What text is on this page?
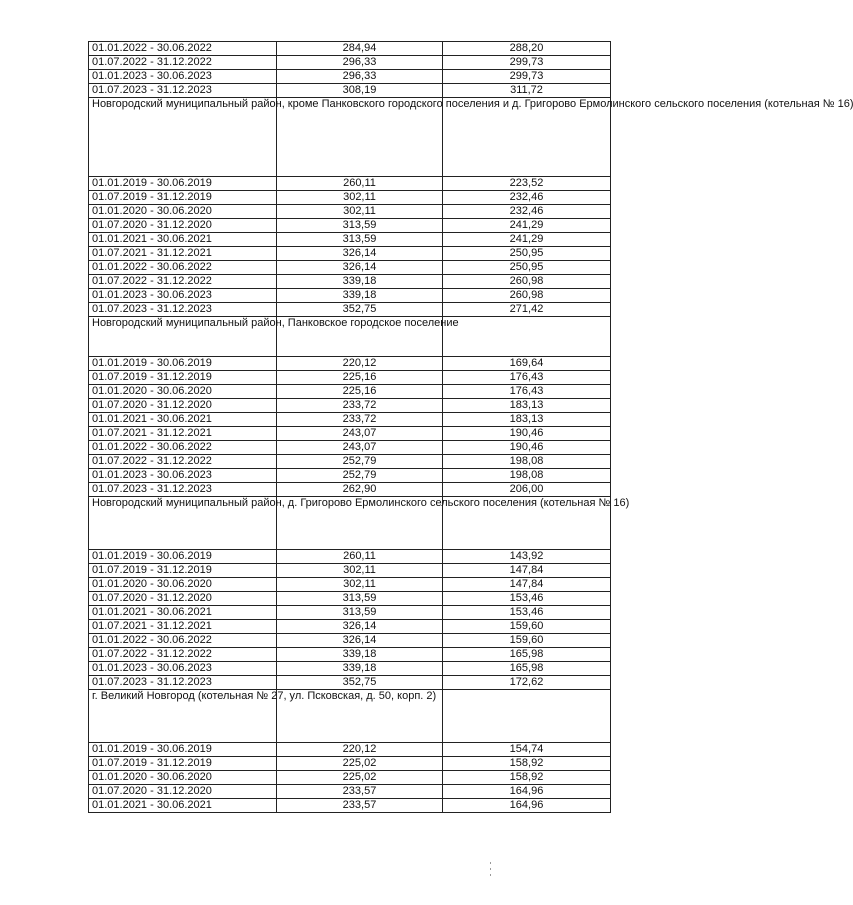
01.01.2022 - 30.06.2022	284,94	288,20
01.07.2022 - 31.12.2022	296,33	299,73
01.01.2023 - 30.06.2023	296,33	299,73
01.07.2023 - 31.12.2023	308,19	311,72
Новгородский муниципальный район, кроме Панковского городского поселения и д. Григорово Ермолинского сельского поселения (котельная № 16)		
01.01.2019 - 30.06.2019	260,11	223,52
01.07.2019 - 31.12.2019	302,11	232,46
01.01.2020 - 30.06.2020	302,11	232,46
01.07.2020 - 31.12.2020	313,59	241,29
01.01.2021 - 30.06.2021	313,59	241,29
01.07.2021 - 31.12.2021	326,14	250,95
01.01.2022 - 30.06.2022	326,14	250,95
01.07.2022 - 31.12.2022	339,18	260,98
01.01.2023 - 30.06.2023	339,18	260,98
01.07.2023 - 31.12.2023	352,75	271,42
Новгородский муниципальный район, Панковское городское поселение		
01.01.2019 - 30.06.2019	220,12	169,64
01.07.2019 - 31.12.2019	225,16	176,43
01.01.2020 - 30.06.2020	225,16	176,43
01.07.2020 - 31.12.2020	233,72	183,13
01.01.2021 - 30.06.2021	233,72	183,13
01.07.2021 - 31.12.2021	243,07	190,46
01.01.2022 - 30.06.2022	243,07	190,46
01.07.2022 - 31.12.2022	252,79	198,08
01.01.2023 - 30.06.2023	252,79	198,08
01.07.2023 - 31.12.2023	262,90	206,00
Новгородский муниципальный район, д. Григорово Ермолинского сельского поселения (котельная № 16)		
01.01.2019 - 30.06.2019	260,11	143,92
01.07.2019 - 31.12.2019	302,11	147,84
01.01.2020 - 30.06.2020	302,11	147,84
01.07.2020 - 31.12.2020	313,59	153,46
01.01.2021 - 30.06.2021	313,59	153,46
01.07.2021 - 31.12.2021	326,14	159,60
01.01.2022 - 30.06.2022	326,14	159,60
01.07.2022 - 31.12.2022	339,18	165,98
01.01.2023 - 30.06.2023	339,18	165,98
01.07.2023 - 31.12.2023	352,75	172,62
г. Великий Новгород (котельная № 27, ул. Псковская, д. 50, корп. 2)		
01.01.2019 - 30.06.2019	220,12	154,74
01.07.2019 - 31.12.2019	225,02	158,92
01.01.2020 - 30.06.2020	225,02	158,92
01.07.2020 - 31.12.2020	233,57	164,96
01.01.2021 - 30.06.2021	233,57	164,96
